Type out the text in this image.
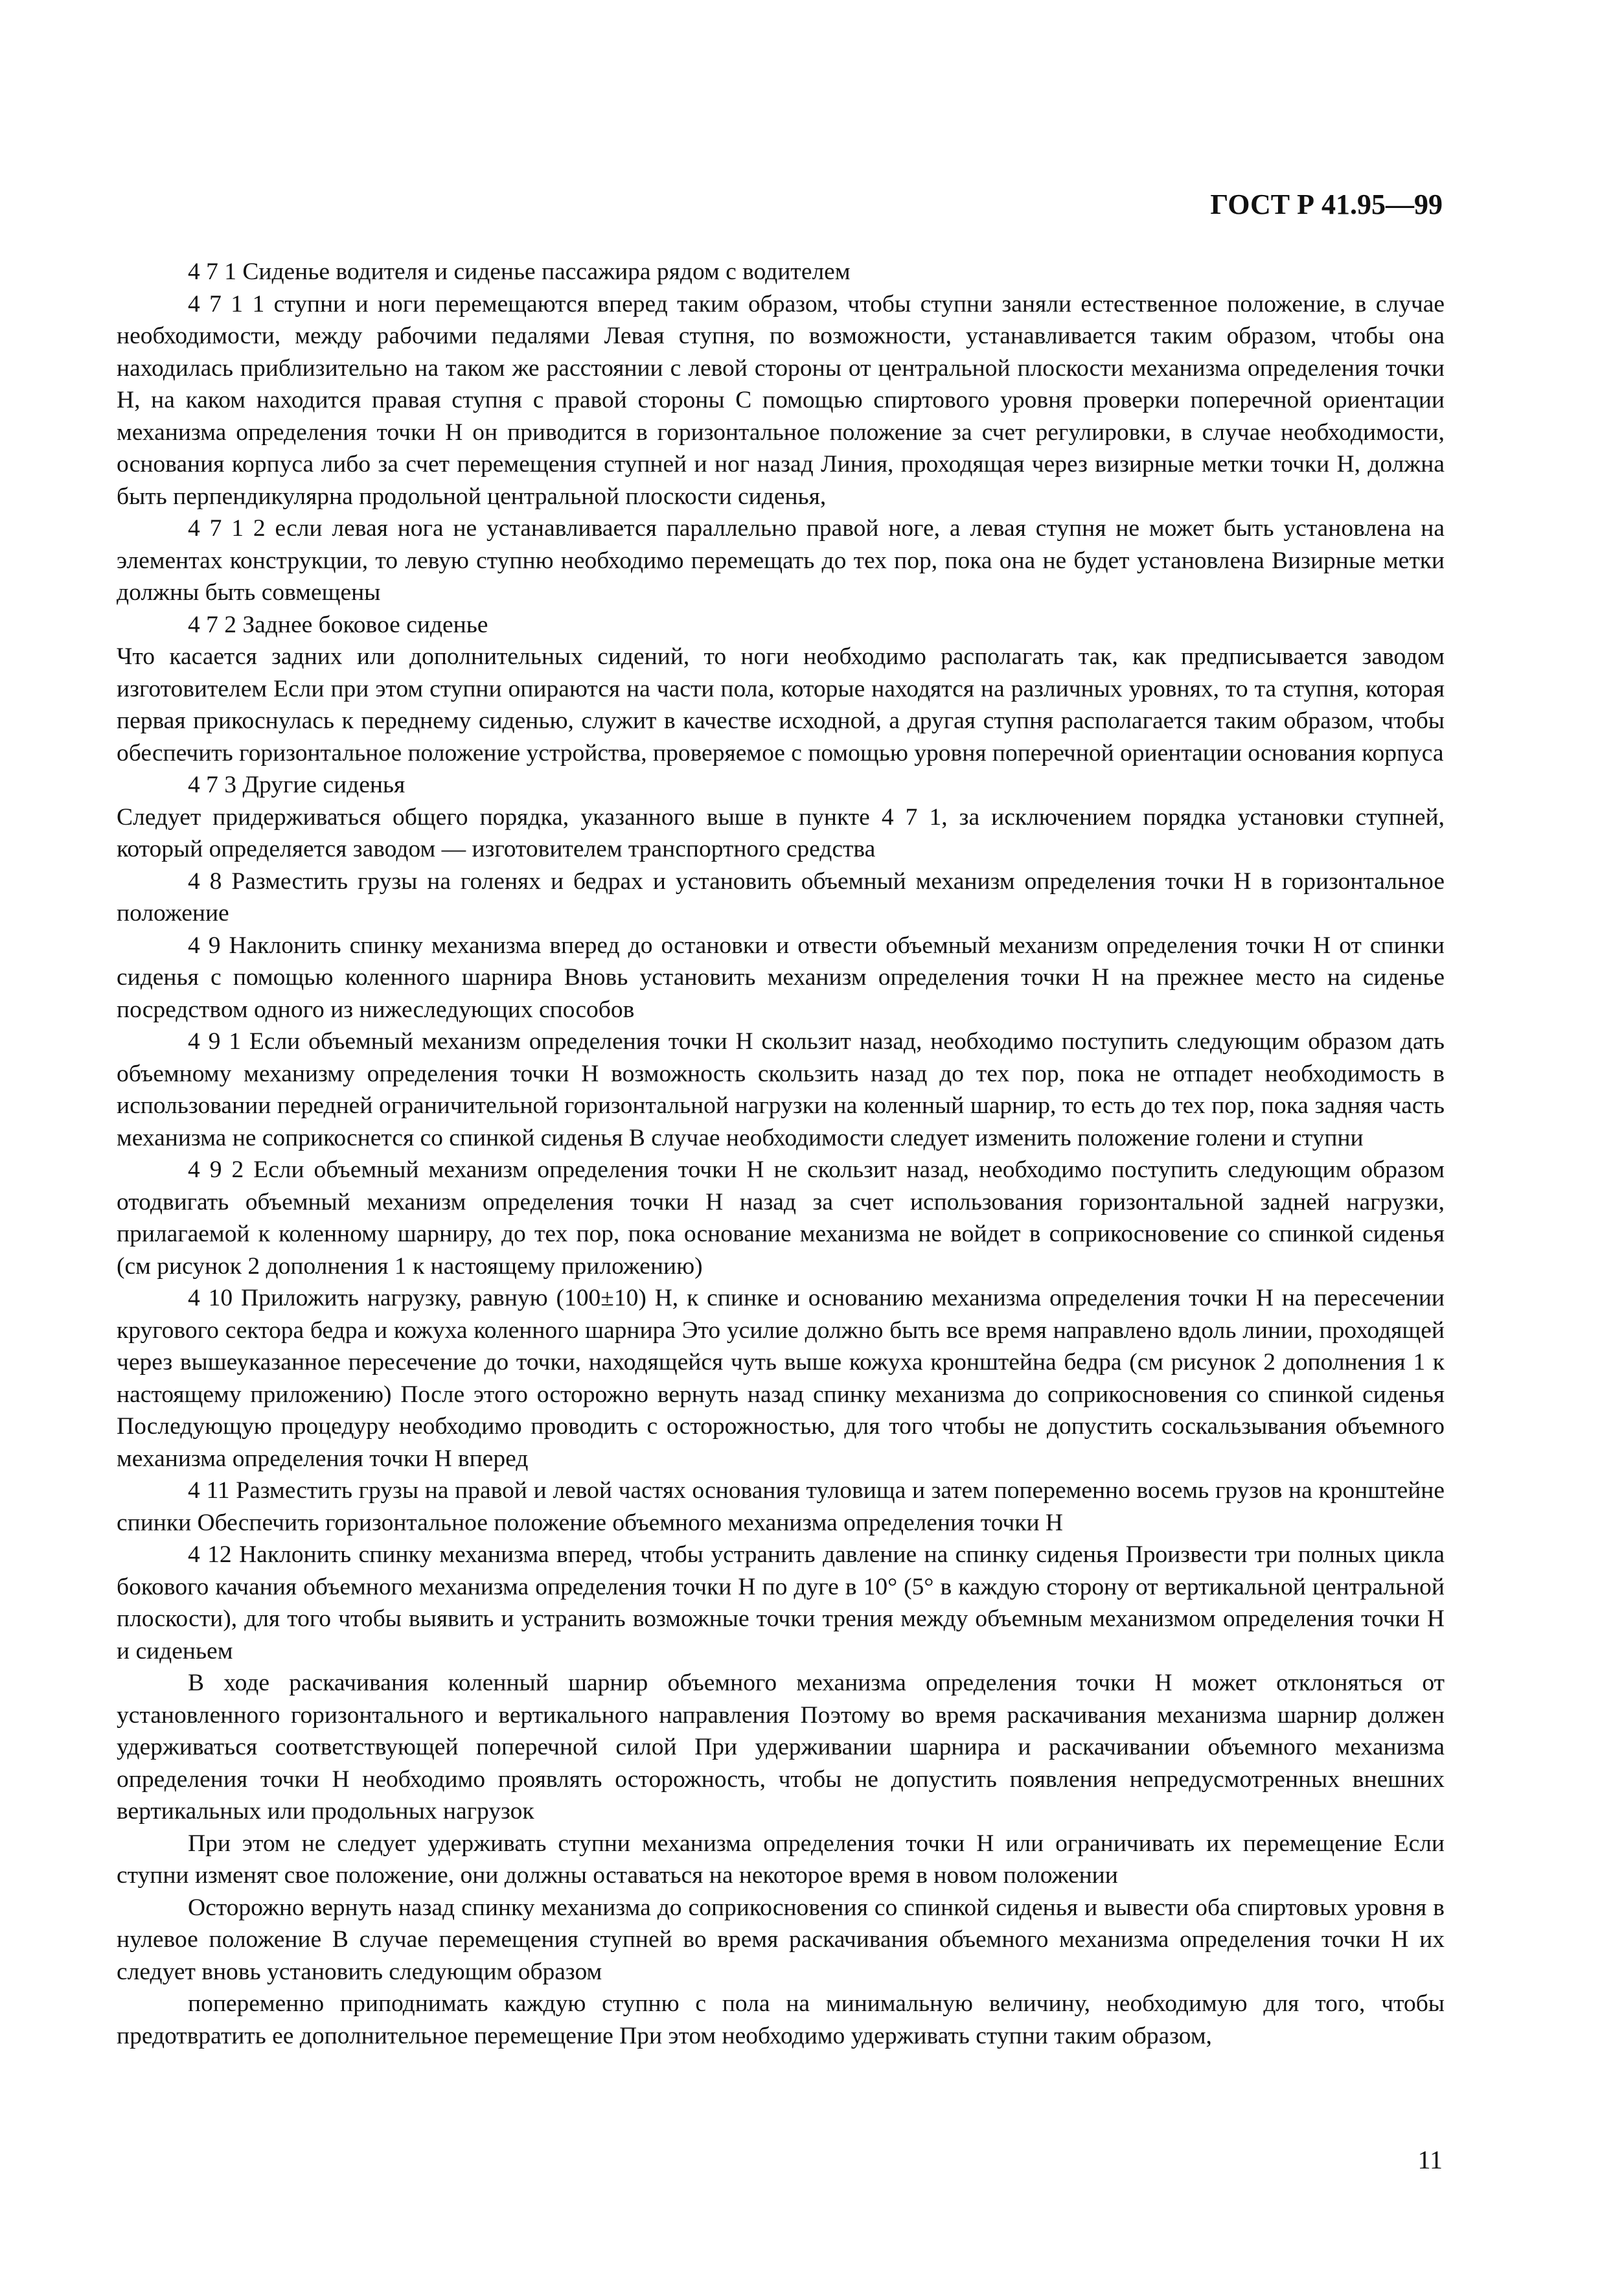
ГОСТ Р 41.95—99

4 7 1 Сиденье водителя и сиденье пассажира рядом с водителем

4 7 1 1 ступни и ноги перемещаются вперед таким образом, чтобы ступни заняли естественное положение, в случае необходимости, между рабочими педалями Левая ступня, по возможности, устанавливается таким образом, чтобы она находилась приблизительно на таком же расстоянии с левой стороны от центральной плоскости механизма определения точки Н, на каком находится правая ступня с правой стороны С помощью спиртового уровня проверки поперечной ориентации механизма определения точки Н он приводится в горизонтальное положение за счет регулировки, в случае необходимости, основания корпуса либо за счет перемещения ступней и ног назад Линия, проходящая через визирные метки точки Н, должна быть перпендикулярна продольной центральной плоскости сиденья,

4 7 1 2 если левая нога не устанавливается параллельно правой ноге, а левая ступня не может быть установлена на элементах конструкции, то левую ступню необходимо перемещать до тех пор, пока она не будет установлена Визирные метки должны быть совмещены

4 7 2 Заднее боковое сиденье

Что касается задних или дополнительных сидений, то ноги необходимо располагать так, как предписывается заводом изготовителем Если при этом ступни опираются на части пола, которые находятся на различных уровнях, то та ступня, которая первая прикоснулась к переднему сиденью, служит в качестве исходной, а другая ступня располагается таким образом, чтобы обеспечить горизонтальное положение устройства, проверяемое с помощью уровня поперечной ориентации основания корпуса

4 7 3 Другие сиденья

Следует придерживаться общего порядка, указанного выше в пункте 4 7 1, за исключением порядка установки ступней, который определяется заводом — изготовителем транспортного средства

4 8 Разместить грузы на голенях и бедрах и установить объемный механизм определения точки Н в горизонтальное положение

4 9 Наклонить спинку механизма вперед до остановки и отвести объемный механизм определения точки Н от спинки сиденья с помощью коленного шарнира Вновь установить механизм определения точки Н на прежнее место на сиденье посредством одного из нижеследующих способов

4 9 1 Если объемный механизм определения точки Н скользит назад, необходимо поступить следующим образом дать объемному механизму определения точки Н возможность скользить назад до тех пор, пока не отпадет необходимость в использовании передней ограничительной горизонтальной нагрузки на коленный шарнир, то есть до тех пор, пока задняя часть механизма не соприкоснется со спинкой сиденья В случае необходимости следует изменить положение голени и ступни

4 9 2 Если объемный механизм определения точки Н не скользит назад, необходимо поступить следующим образом отодвигать объемный механизм определения точки Н назад за счет использования горизонтальной задней нагрузки, прилагаемой к коленному шарниру, до тех пор, пока основание механизма не войдет в соприкосновение со спинкой сиденья (см рисунок 2 дополнения 1 к настоящему приложению)

4 10 Приложить нагрузку, равную (100±10) Н, к спинке и основанию механизма определения точки Н на пересечении кругового сектора бедра и кожуха коленного шарнира Это усилие должно быть все время направлено вдоль линии, проходящей через вышеуказанное пересечение до точки, находящейся чуть выше кожуха кронштейна бедра (см рисунок 2 дополнения 1 к настоящему приложению) После этого осторожно вернуть назад спинку механизма до соприкосновения со спинкой сиденья Последующую процедуру необходимо проводить с осторожностью, для того чтобы не допустить соскальзывания объемного механизма определения точки Н вперед

4 11 Разместить грузы на правой и левой частях основания туловища и затем попеременно восемь грузов на кронштейне спинки Обеспечить горизонтальное положение объемного механизма определения точки Н

4 12 Наклонить спинку механизма вперед, чтобы устранить давление на спинку сиденья Произвести три полных цикла бокового качания объемного механизма определения точки Н по дуге в 10° (5° в каждую сторону от вертикальной центральной плоскости), для того чтобы выявить и устранить возможные точки трения между объемным механизмом определения точки Н и сиденьем

В ходе раскачивания коленный шарнир объемного механизма определения точки Н может отклоняться от установленного горизонтального и вертикального направления Поэтому во время раскачивания механизма шарнир должен удерживаться соответствующей поперечной силой При удерживании шарнира и раскачивании объемного механизма определения точки Н необходимо проявлять осторожность, чтобы не допустить появления непредусмотренных внешних вертикальных или продольных нагрузок

При этом не следует удерживать ступни механизма определения точки Н или ограничивать их перемещение Если ступни изменят свое положение, они должны оставаться на некоторое время в новом положении

Осторожно вернуть назад спинку механизма до соприкосновения со спинкой сиденья и вывести оба спиртовых уровня в нулевое положение В случае перемещения ступней во время раскачивания объемного механизма определения точки Н их следует вновь установить следующим образом

попеременно приподнимать каждую ступню с пола на минимальную величину, необходимую для того, чтобы предотвратить ее дополнительное перемещение При этом необходимо удерживать ступни таким образом,

11
